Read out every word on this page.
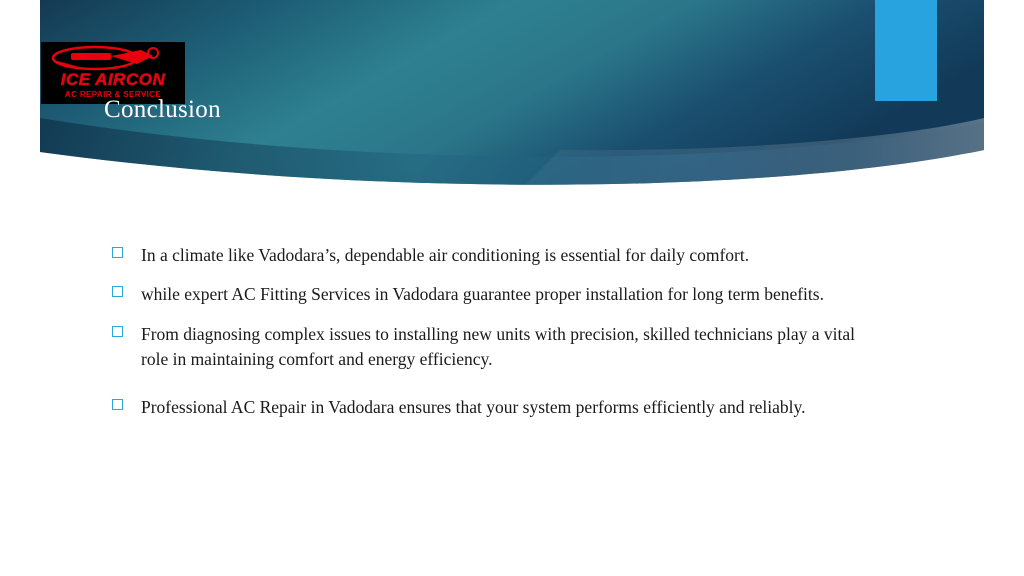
ICE AIRCON
AC REPAIR & SERVICE
Conclusion
In a climate like Vadodara’s, dependable air conditioning is essential for daily comfort.
while expert AC Fitting Services in Vadodara guarantee proper installation for long term benefits.
From diagnosing complex issues to installing new units with precision, skilled technicians play a vital role in maintaining comfort and energy efficiency.
Professional AC Repair in Vadodara ensures that your system performs efficiently and reliably.
